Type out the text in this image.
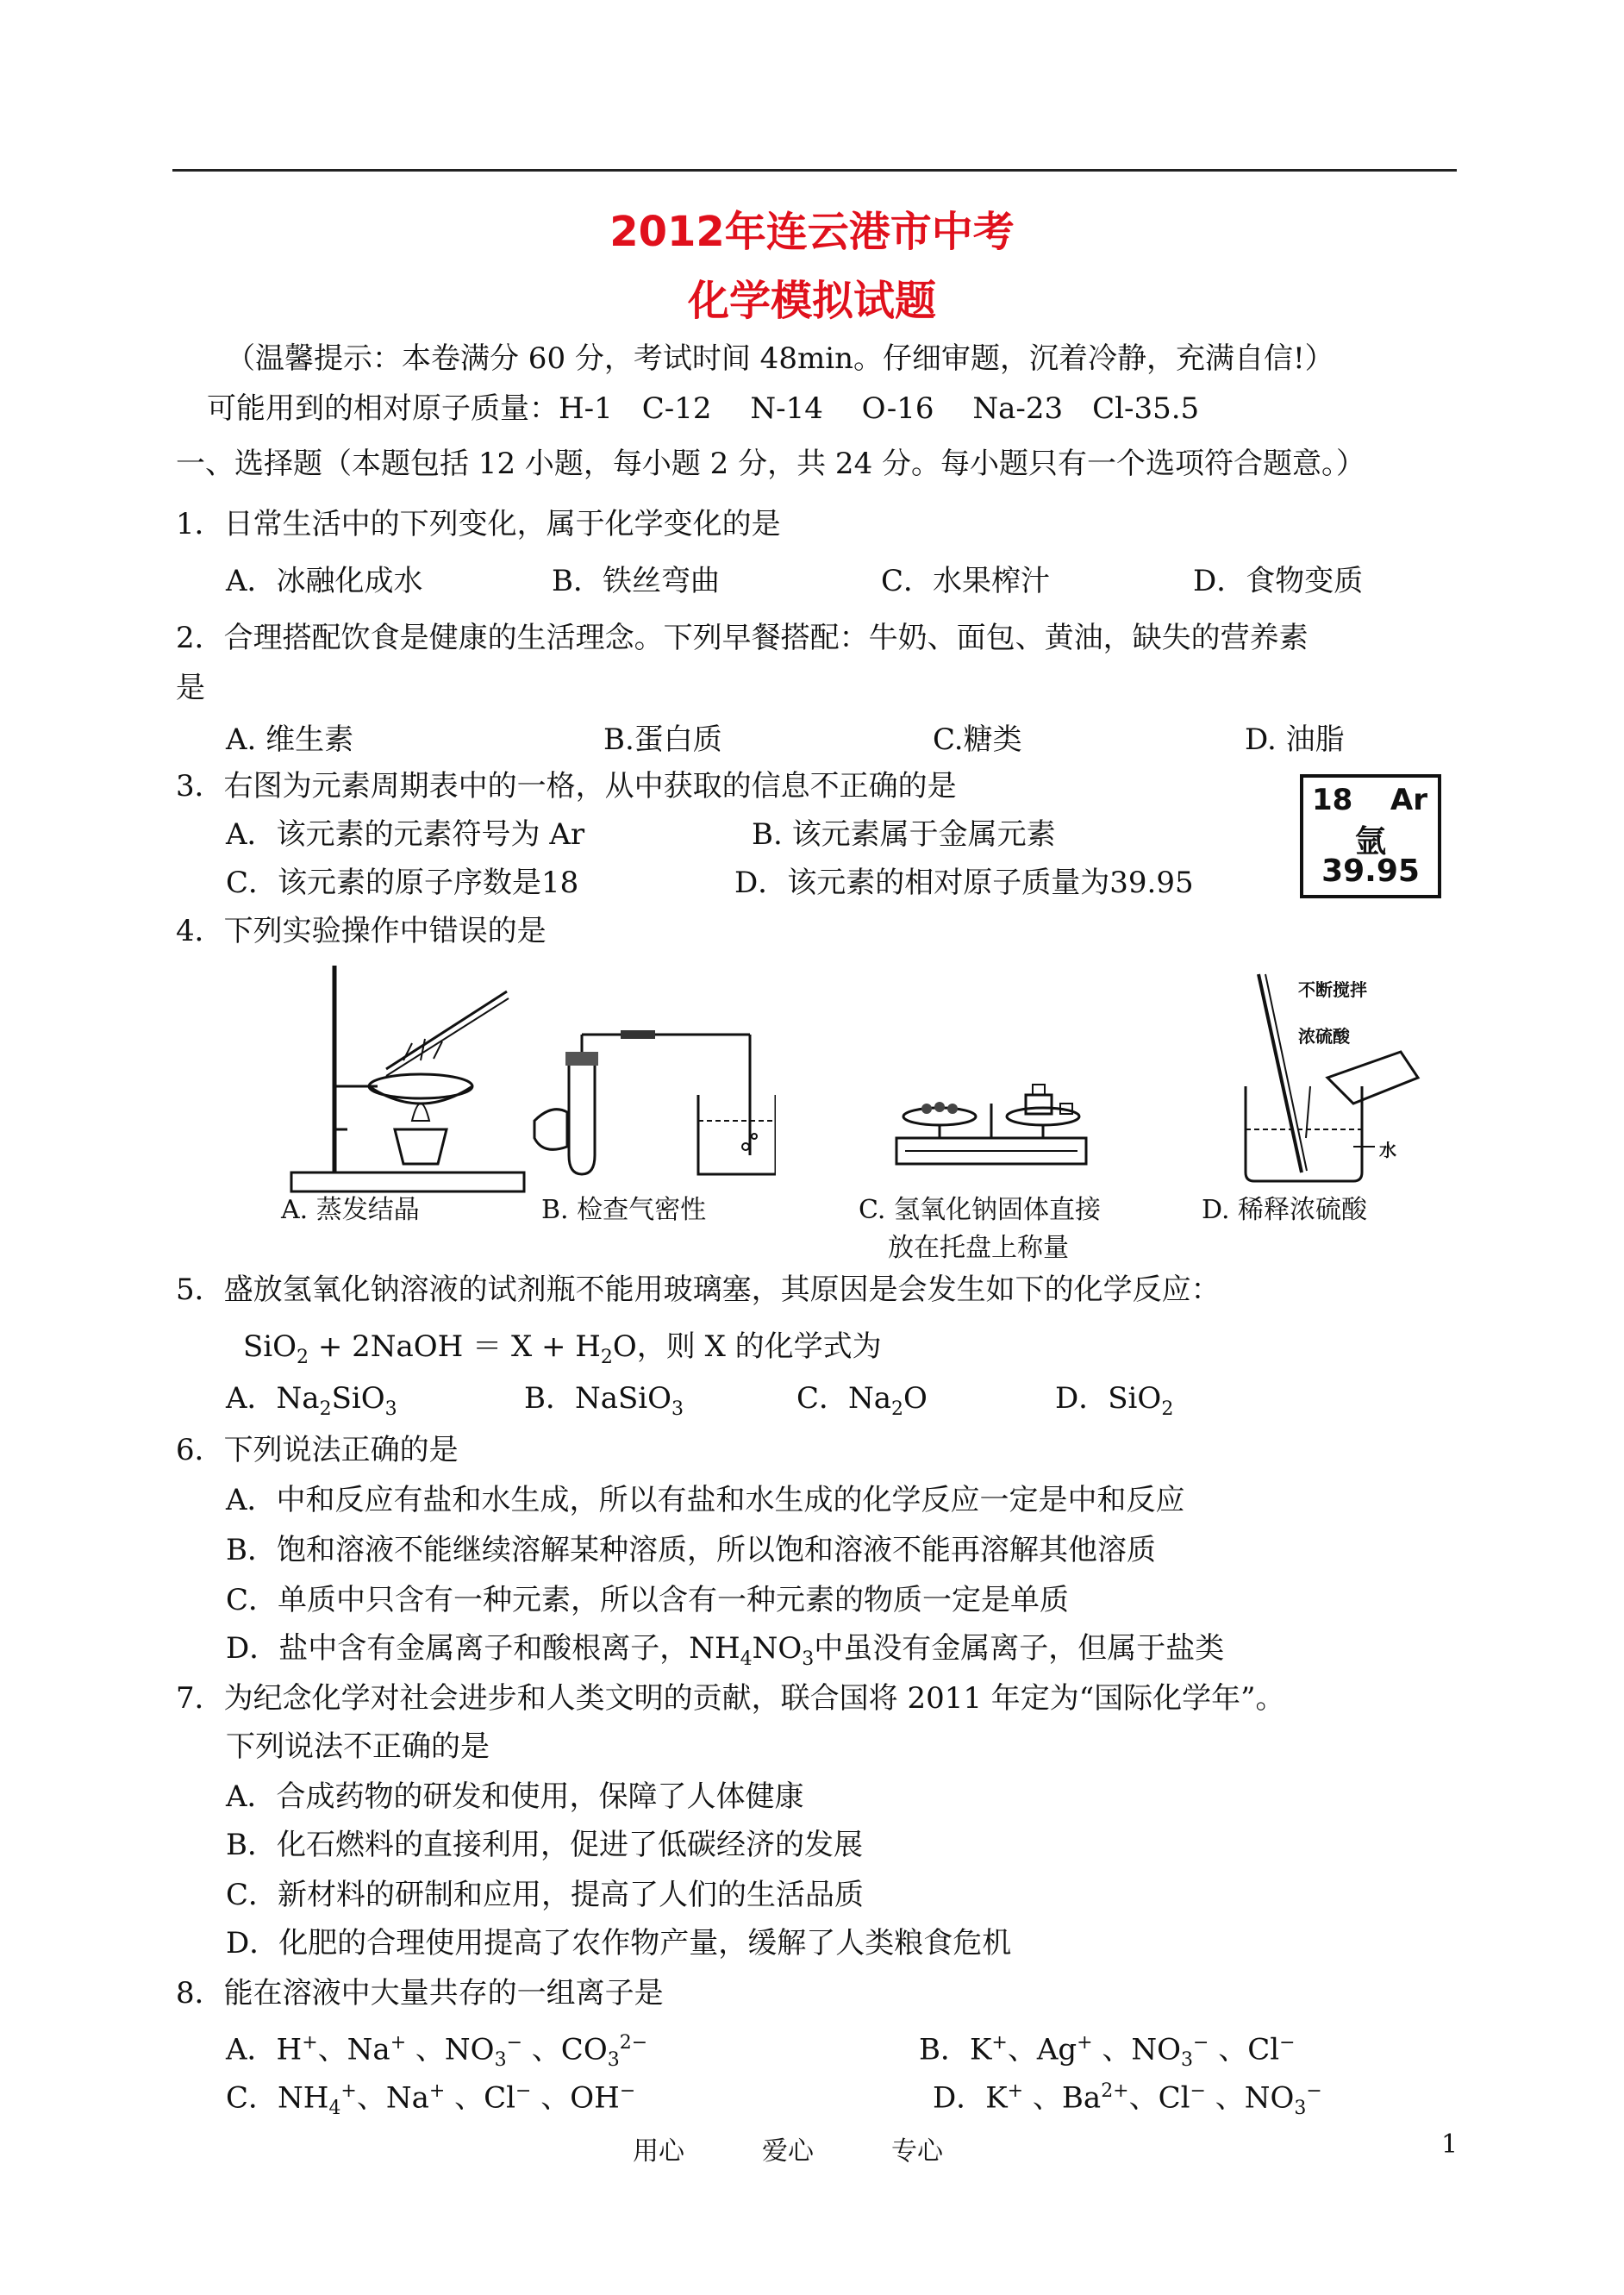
2012年连云港市中考
化学模拟试题
（温馨提示：本卷满分 60 分，考试时间 48min。仔细审题，沉着冷静，充满自信!）
可能用到的相对原子质量：H-1　C-12　 N-14　 O-16　 Na-23　Cl-35.5
一、选择题（本题包括 12 小题，每小题 2 分，共 24 分。每小题只有一个选项符合题意。）
1．日常生活中的下列变化，属于化学变化的是
A．冰融化成水	B．铁丝弯曲	C．水果榨汁	D．食物变质
2．合理搭配饮食是健康的生活理念。下列早餐搭配：牛奶、面包、黄油，缺失的营养素
是
A. 维生素	B.蛋白质	C.糖类	D. 油脂
3．右图为元素周期表中的一格，从中获取的信息不正确的是
A．该元素的元素符号为 Ar	B. 该元素属于金属元素
C．该元素的原子序数是18	D．该元素的相对原子质量为39.95
18 Ar
氩
39.95
4．下列实验操作中错误的是
A. 蒸发结晶	B. 检查气密性	C. 氢氧化钠固体直接
放在托盘上称量
不断搅拌
浓硫酸
水
D. 稀释浓硫酸
5．盛放氢氧化钠溶液的试剂瓶不能用玻璃塞，其原因是会发生如下的化学反应：
SiO$_2$ + 2NaOH ＝ $X + H_2O$，则 X 的化学式为
A．$Na_2SiO_3$	B．NaSiO$_3$	C．$Na_2O$	D．SiO$_2$
6．下列说法正确的是
A．中和反应有盐和水生成，所以有盐和水生成的化学反应一定是中和反应
B．饱和溶液不能继续溶解某种溶质，所以饱和溶液不能再溶解其他溶质
C．单质中只含有一种元素，所以含有一种元素的物质一定是单质
D．盐中含有金属离子和酸根离子，$NH_4NO_3$中虽没有金属离子，但属于盐类
7．为纪念化学对社会进步和人类文明的贡献，联合国将 2011 年定为“国际化学年”。
下列说法不正确的是
A．合成药物的研发和使用，保障了人体健康
B．化石燃料的直接利用，促进了低碳经济的发展
C．新材料的研制和应用，提高了人们的生活品质
D．化肥的合理使用提高了农作物产量，缓解了人类粮食危机
8．能在溶液中大量共存的一组离子是
A．H+、Na+ 、$NO_3^-$ 、$CO_3^{2-}$	B．K+、Ag+ 、$NO_3^-$ 、Cl−
C．$NH_4^+$、Na+ 、Cl− 、OH−	D．K+ 、$Ba^{2+}$、Cl− 、$NO_3^-$
用心	爱心	专心	1
